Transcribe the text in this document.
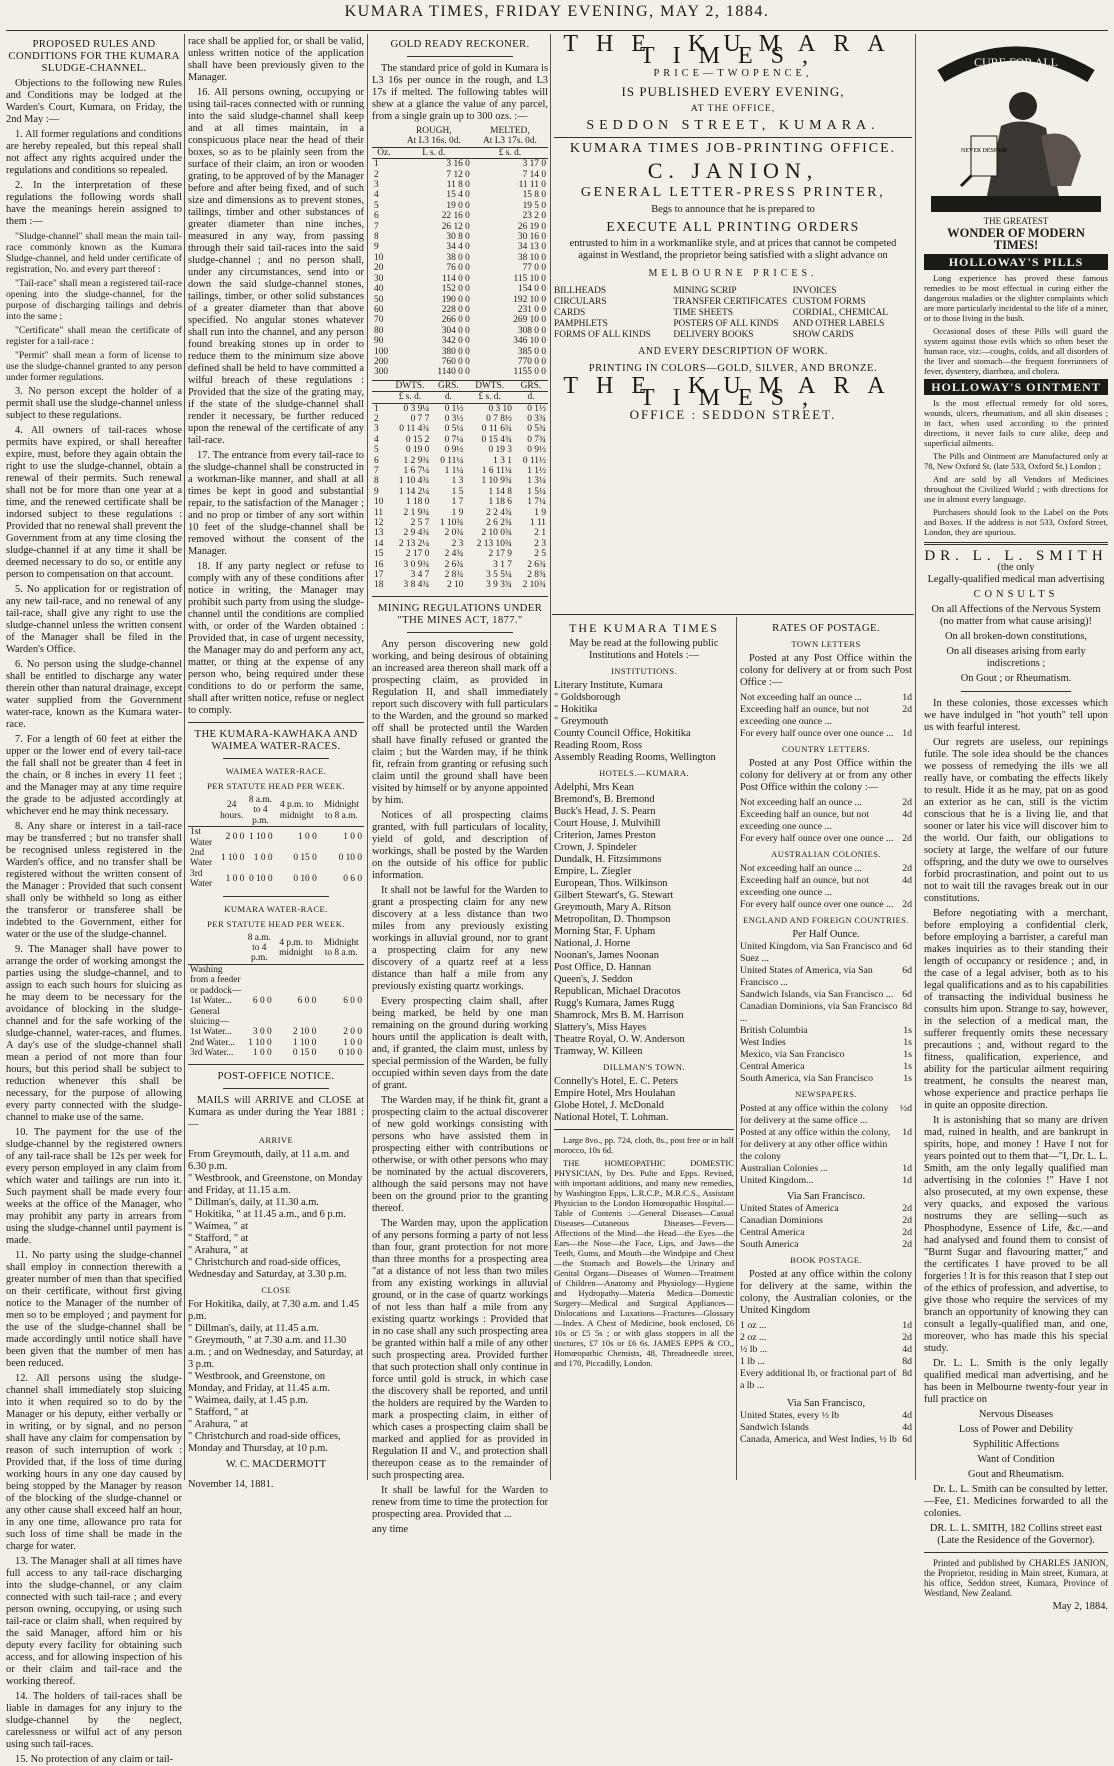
KUMARA TIMES, FRIDAY EVENING, MAY 2, 1884.
PROPOSED RULES AND CONDITIONS FOR THE KUMARA SLUDGE-CHANNEL.

Objections to the following new Rules and Conditions may be lodged at the Warden's Court, Kumara, on Friday, the 2nd May :—

1. All former regulations and conditions are hereby repealed, but this repeal shall not affect any rights acquired under the regulations and conditions so repealed.

2. In the interpretation of these regulations the following words shall have the meanings herein assigned to them :—

"Sludge-channel" shall mean the main tail-race commonly known as the Kumara Sludge-channel, and held under certificate of registration, No. and every part thereof :

"Tail-race" shall mean a registered tail-race opening into the sludge-channel, for the purpose of discharging tailings and debris into the same ;

"Certificate" shall mean the certificate of register for a tail-race :

"Permit" shall mean a form of license to use the sludge-channel granted to any person under former regulations.

3. No person except the holder of a permit shall use the sludge-channel unless subject to these regulations.

4. All owners of tail-races whose permits have expired, or shall hereafter expire, must, before they again obtain the right to use the sludge-channel, obtain a renewal of their permits. Such renewal shall not be for more than one year at a time, and the renewed certificate shall be indorsed subject to these regulations : Provided that no renewal shall prevent the Government from at any time closing the sludge-channel if at any time it shall be deemed necessary to do so, or entitle any person to compensation on that account.

5. No application for or registration of any new tail-race, and no renewal of any tail-race, shall give any right to use the sludge-channel unless the written consent of the Manager shall be filed in the Warden's Office.

6. No person using the sludge-channel shall be entitled to discharge any water therein other than natural drainage, except water supplied from the Government water-race, known as the Kumara water-race.

7. For a length of 60 feet at either the upper or the lower end of every tail-race the fall shall not be greater than 4 feet in the chain, or 8 inches in every 11 feet ; and the Manager may at any time require the grade to be adjusted accordingly at whichever end he may think necessary.

8. Any share or interest in a tail-race may be transferred ; but no transfer shall be recognised unless registered in the Warden's office, and no transfer shall be registered without the written consent of the Manager : Provided that such consent shall only be withheld so long as either the transferor or transferee shall be indebted to the Government, either for water or the use of the sludge-channel.

9. The Manager shall have power to arrange the order of working amongst the parties using the sludge-channel, and to assign to each such hours for sluicing as he may deem to be necessary for the avoidance of blocking in the sludge-channel and for the safe working of the sludge-channel, water-races, and flumes. A day's use of the sludge-channel shall mean a period of not more than four hours, but this period shall be subject to reduction whenever this shall be necessary, for the purpose of allowing every party connected with the sludge-channel to make use of the same.

10. The payment for the use of the sludge-channel by the registered owners of any tail-race shall be 12s per week for every person employed in any claim from which water and tailings are run into it. Such payment shall be made every four weeks at the office of the Manager, who may prohibit any party in arrears from using the sludge-channel until payment is made.

11. No party using the sludge-channel shall employ in connection therewith a greater number of men than that specified on their certificate, without first giving notice to the Manager of the number of men so to be employed ; and payment for the use of the sludge-channel shall be made accordingly until notice shall have been given that the number of men has been reduced.

12. All persons using the sludge-channel shall immediately stop sluicing into it when required so to do by the Manager or his deputy, either verbally or in writing, or by signal, and no person shall have any claim for compensation by reason of such interruption of work : Provided that, if the loss of time during working hours in any one day caused by being stopped by the Manager by reason of the blocking of the sludge-channel or any other cause shall exceed half an hour, in any one time, allowance pro rata for such loss of time shall be made in the charge for water.

13. The Manager shall at all times have full access to any tail-race discharging into the sludge-channel, or any claim connected with such tail-race ; and every person owning, occupying, or using such tail-race or claim shall, when required by the said Manager, afford him or his deputy every facility for obtaining such access, and for allowing inspection of his or their claim and tail-race and the working thereof.

14. The holders of tail-races shall be liable in damages for any injury to the sludge-channel by the neglect, carelessness or wilful act of any person using such tail-races.

15. No protection of any claim or tail-

race shall be applied for, or shall be valid, unless written notice of the application shall have been previously given to the Manager.

16. All persons owning, occupying or using tail-races connected with or running into the said sludge-channel shall keep and at all times maintain, in a conspicuous place near the head of their boxes, so as to be plainly seen from the surface of their claim, an iron or wooden grating, to be approved of by the Manager before and after being fixed, and of such size and dimensions as to prevent stones, tailings, timber and other substances of greater diameter than nine inches, measured in any way, from passing through their said tail-races into the said sludge-channel ; and no person shall, under any circumstances, send into or down the said sludge-channel stones, tailings, timber, or other solid substances of a greater diameter than that above specified. No angular stones whatever shall run into the channel, and any person found breaking stones up in order to reduce them to the minimum size above defined shall be held to have committed a wilful breach of these regulations : Provided that the size of the grating may, if the state of the sludge-channel shall render it necessary, be further reduced upon the renewal of the certificate of any tail-race.

17. The entrance from every tail-race to the sludge-channel shall be constructed in a workman-like manner, and shall at all times be kept in good and substantial repair, to the satisfaction of the Manager ; and no prop or timber of any sort within 10 feet of the sludge-channel shall be removed without the consent of the Manager.

18. If any party neglect or refuse to comply with any of these conditions after notice in writing, the Manager may prohibit such party from using the sludge-channel until the conditions are complied with, or order of the Warden obtained : Provided that, in case of urgent necessity, the Manager may do and perform any act, matter, or thing at the expense of any person who, being required under these conditions to do or perform the same, shall after written notice, refuse or neglect to comply.

THE KUMARA-KAWHAKA AND WAIMEA WATER-RACES.
WAIMEA WATER-RACE.
PER STATUTE HEAD PER WEEK.
	24 hours.	8 a.m. to 4 p.m.	4 p.m. to midnight	Midnight to 8 a.m.
1st Water	2 0 0	1 10 0	1 0 0	1 0 0
2nd Water	1 10 0	1 0 0	0 15 0	0 10 0
3rd Water	1 0 0	0 10 0	0 10 0	0 6 0
KUMARA WATER-RACE.
PER STATUTE HEAD PER WEEK.
	8 a.m. to 4 p.m.	4 p.m. to midnight	Midnight to 8 a.m.
Washing from a feeder or paddock—			
1st Water...	6 0 0	6 0 0	6 0 0
General sluicing—			
1st Water...	3 0 0	2 10 0	2 0 0
2nd Water...	1 10 0	1 10 0	1 0 0
3rd Water...	1 0 0	0 15 0	0 10 0
POST-OFFICE NOTICE.

MAILS will ARRIVE and CLOSE at Kumara as under during the Year 1881 :—

ARRIVE
From Greymouth, daily, at 11 a.m. and 6.30 p.m.
" Westbrook, and Greenstone, on Monday and Friday, at 11.15 a.m.
" Dillman's, daily, at 11.30 a.m.
" Hokitika, " at 11.45 a.m., and 6 p.m.
" Waimea, " at
" Stafford, " at
" Arahura, " at
" Christchurch and road-side offices, Wednesday and Saturday, at 3.30 p.m.
CLOSE
For Hokitika, daily, at 7.30 a.m. and 1.45 p.m.
" Dillman's, daily, at 11.45 a.m.
" Greymouth, " at 7.30 a.m. and 11.30 a.m. ; and on Wednesday, and Saturday, at 3 p.m.
" Westbrook, and Greenstone, on Monday, and Friday, at 11.45 a.m.
" Waimea, daily, at 1.45 p.m.
" Stafford, " at
" Arahura, " at
" Christchurch and road-side offices, Monday and Thursday, at 10 p.m.
W. C. MACDERMOTT
November 14, 1881.
GOLD READY RECKONER.

The standard price of gold in Kumara is L3 16s per ounce in the rough, and L3 17s if melted. The following tables will shew at a glance the value of any parcel, from a single grain up to 300 ozs. :—

	ROUGH,
At L3 16s. 0d.	MELTED,
At L3 17s. 0d.
Oz.	L s. d.	£ s. d.
1	3 16 0	3 17 0
2	7 12 0	7 14 0
3	11 8 0	11 11 0
4	15 4 0	15 8 0
5	19 0 0	19 5 0
6	22 16 0	23 2 0
7	26 12 0	26 19 0
8	30 8 0	30 16 0
9	34 4 0	34 13 0
10	38 0 0	38 10 0
20	76 0 0	77 0 0
30	114 0 0	115 10 0
40	152 0 0	154 0 0
50	190 0 0	192 10 0
60	228 0 0	231 0 0
70	266 0 0	269 10 0
80	304 0 0	308 0 0
90	342 0 0	346 10 0
100	380 0 0	385 0 0
200	760 0 0	770 0 0
300	1140 0 0	1155 0 0
	DWTS.	GRS.	DWTS.	GRS.
	£ s. d.	d.	£ s. d.	d.
1	0 3 9¼	0 1½	0 3 10	0 1½
2	0 7 7	0 3½	0 7 8½	0 3¾
3	0 11 4¾	0 5¼	0 11 6¾	0 5¾
4	0 15 2	0 7¼	0 15 4¾	0 7¾
5	0 19 0	0 9½	0 19 3	0 9½
6	1 2 9¾	0 11¼	1 3 1	0 11½
7	1 6 7¼	1 1¼	1 6 11¼	1 1½
8	1 10 4¾	1 3	1 10 9¾	1 3¼
9	1 14 2¼	1 5	1 14 8	1 5¼
10	1 18 0	1 7	1 18 6	1 7¼
11	2 1 9¾	1 9	2 2 4¾	1 9
12	2 5 7	1 10¾	2 6 2¾	1 11
13	2 9 4¾	2 0¾	2 10 0¾	2 1
14	2 13 2¼	2 3	2 13 10¾	2 3
15	2 17 0	2 4¾	2 17 9	2 5
16	3 0 9¾	2 6¾	3 1 7	2 6¾
17	3 4 7	2 8¾	3 5 5¼	2 8¾
18	3 8 4¾	2 10	3 9 3¾	2 10¾
MINING REGULATIONS UNDER "THE MINES ACT, 1877."

Any person discovering new gold working, and being desirous of obtaining an increased area thereon shall mark off a prospecting claim, as provided in Regulation II, and shall immediately report such discovery with full particulars to the Warden, and the ground so marked off shall be protected until the Warden shall have finally refused or granted the claim ; but the Warden may, if he think fit, refrain from granting or refusing such claim until the ground shall have been visited by himself or by anyone appointed by him.

Notices of all prospecting claims granted, with full particulars of locality, yield of gold, and description of workings, shall be posted by the Warden on the outside of his office for public information.

It shall not be lawful for the Warden to grant a prospecting claim for any new discovery at a less distance than two miles from any previously existing workings in alluvial ground, nor to grant a prospecting claim for any new discovery of a quartz reef at a less distance than half a mile from any previously existing quartz workings.

Every prospecting claim shall, after being marked, be held by one man remaining on the ground during working hours until the application is dealt with, and, if granted, the claim must, unless by special permission of the Warden, be fully occupied within seven days from the date of grant.

The Warden may, if he think fit, grant a prospecting claim to the actual discoverer of new gold workings consisting with persons who have assisted them in prospecting either with contributions or otherwise, or with other persons who may be nominated by the actual discoverers, although the said persons may not have been on the ground prior to the granting thereof.

The Warden may, upon the application of any persons forming a party of not less than four, grant protection for not more than three months for a prospecting area "at a distance of not less than two miles from any existing workings in alluvial ground, or in the case of quartz workings of not less than half a mile from any existing quartz workings : Provided that in no case shall any such prospecting area be granted within half a mile of any other such prospecting area. Provided further that such protection shall only continue in force until gold is struck, in which case the discovery shall be reported, and until the holders are required by the Warden to mark a prospecting claim, in either of which cases a prospecting claim shall be marked and applied for as provided in Regulation II and V., and protection shall thereupon cease as to the remainder of such prospecting area.

It shall be lawful for the Warden to renew from time to time the protection for prospecting area. Provided that ...

any time
THE KUMARA TIMES,
PRICE—TWOPENCE,
IS PUBLISHED EVERY EVENING,
AT THE OFFICE,
SEDDON STREET, KUMARA.
KUMARA TIMES JOB-PRINTING OFFICE.
C. JANION,
GENERAL LETTER-PRESS PRINTER,
Begs to announce that he is prepared to
EXECUTE ALL PRINTING ORDERS

entrusted to him in a workmanlike style, and at prices that cannot be competed against in Westland, the proprietor being satisfied with a slight advance on

MELBOURNE PRICES.
BILLHEADS
CIRCULARS
CARDS
PAMPHLETS
FORMS OF ALL KINDS
MINING SCRIP
TRANSFER CERTIFICATES
TIME SHEETS
POSTERS OF ALL KINDS
DELIVERY BOOKS
INVOICES
CUSTOM FORMS
CORDIAL, CHEMICAL
AND OTHER LABELS
SHOW CARDS
AND EVERY DESCRIPTION OF WORK.
PRINTING IN COLORS—GOLD, SILVER, AND BRONZE.
THE KUMARA TIMES,
OFFICE : SEDDON STREET.
THE KUMARA TIMES
May be read at the following public Institutions and Hotels :—
INSTITUTIONS.
Literary Institute, Kumara
" Goldsborough
" Hokitika
" Greymouth
County Council Office, Hokitika
Reading Room, Ross
Assembly Reading Rooms, Wellington
HOTELS.—KUMARA.
Adelphi, Mrs Kean
Bremond's, B. Bremond
Buck's Head, J. S. Pearn
Court House, J. Mulvihill
Criterion, James Preston
Crown, J. Spindeler
Dundalk, H. Fitzsimmons
Empire, L. Ziegler
European, Thos. Wilkinson
Gilbert Stewart's, G. Stewart
Greymouth, Mary A. Ritson
Metropolitan, D. Thompson
Morning Star, F. Upham
National, J. Horne
Noonan's, James Noonan
Post Office, D. Hannan
Queen's, J. Seddon
Republican, Michael Dracotos
Rugg's Kumara, James Rugg
Shamrock, Mrs B. M. Harrison
Slattery's, Miss Hayes
Theatre Royal, O. W. Anderson
Tramway, W. Killeen
DILLMAN'S TOWN.
Connelly's Hotel, E. C. Peters
Empire Hotel, Mrs Houlahan
Globe Hotel, J. McDonald
National Hotel, T. Lohman.

Large 8vo., pp. 724, cloth, 8s., post free or in half morocco, 10s 6d.

THE HOMEOPATHIC DOMESTIC PHYSICIAN, by Drs. Pulte and Epps. Revised, with important additions, and many new remedies, by Washington Epps, L.R.C.P., M.R.C.S., Assistant Physician to the London Homœopathic Hospital.—Table of Contents :—General Diseases—Casual Diseases—Cutaneous Diseases—Fevers—Affections of the Mind—the Head—the Eyes—the Ears—the Nose—the Face, Lips, and Jaws—the Teeth, Gums, and Mouth—the Windpipe and Chest—the Stomach and Bowels—the Urinary and Genital Organs—Diseases of Women—Treatment of Children—Anatomy and Physiology—Hygiene and Hydropathy—Materia Medica—Domestic Surgery—Medical and Surgical Appliances—Dislocations and Luxations—Fractures—Glossary—Index. A Chest of Medicine, book enclosed, £6 10s or £5 5s ; or with glass stoppers in all the tinctures, £7 10s or £6 6s. JAMES EPPS & CO., Homœopathic Chemists, 48, Threadneedle street, and 170, Piccadilly, London.

RATES OF POSTAGE.
TOWN LETTERS

Posted at any Post Office within the colony for delivery at or from such Post Office :—

Not exceeding half an ounce ...	1d
Exceeding half an ounce, but not exceeding one ounce ...
2d
For every half ounce over one ounce ... 1d
COUNTRY LETTERS.

Posted at any Post Office within the colony for delivery at or from any other Post Office within the colony :—

Not exceeding half an ounce ...	2d
Exceeding half an ounce, but not exceeding one ounce ...
4d
For every half ounce over one ounce ... 2d
AUSTRALIAN COLONIES.
Not exceeding half an ounce ...	2d
Exceeding half an ounce, but not exceeding one ounce ...
4d
For every half ounce over one ounce ... 2d
ENGLAND AND FOREIGN COUNTRIES.
Per Half Ounce.
United Kingdom, via San Francisco and Suez ...
6d
United States of America, via San Francisco ...
6d
Sandwich Islands, via San Francisco ... 6d
Canadian Dominions, via San Francisco ...
8d
British Columbia	1s
West Indies	1s
Mexico, via San Francisco	1s
Central America	1s
South America, via San Francisco	1s
NEWSPAPERS.
Posted at any office within the colony for delivery at the same office ...
½d
Posted at any office within the colony, for delivery at any other office within the colony
1d
Australian Colonies ...	1d
United Kingdom...	1d
Via San Francisco.
United States of America	2d
Canadian Dominions	2d
Central America	2d
South America	2d
BOOK POSTAGE.

Posted at any office within the colony for delivery at the same, within the colony, the Australian colonies, or the United Kingdom

1 oz ...	1d
2 oz ...	2d
½ lb ...	4d
1 lb ...	8d
Every additional lb, or fractional part of a lb ...
8d
Via San Francisco,
United States, every ½ lb	4d
Sandwich Islands	4d
Canada, America, and West Indies, ½ lb 6d
CURE FOR ALL
NEVER DESPAIR
THE GREATEST
WONDER OF MODERN TIMES!
HOLLOWAY'S PILLS

Long experience has proved these famous remedies to be most effectual in curing either the dangerous maladies or the slighter complaints which are more particularly incidental to the life of a miner, or to those living in the bush.

Occasional doses of these Pills will guard the system against those evils which so often beset the human race, viz:—coughs, colds, and all disorders of the liver and stomach—the frequent forerunners of fever, dysentery, diarrhœa, and cholera.

HOLLOWAY'S OINTMENT

Is the most effectual remedy for old sores, wounds, ulcers, rheumatism, and all skin diseases ; in fact, when used according to the printed directions, it never fails to cure alike, deep and superficial ailments.

The Pills and Ointment are Manufactured only at 78, New Oxford St. (late 533, Oxford St.) London ;

And are sold by all Vendors of Medicines throughout the Civilized World ; with directions for use in almost every language.

Purchasers should look to the Label on the Pots and Boxes. If the address is not 533, Oxford Street, London, they are spurious.

DR. L. L. SMITH
(the only
Legally-qualified medical man advertising
CONSULTS

On all Affections of the Nervous System (no matter from what cause arising)!

On all broken-down constitutions,

On all diseases arising from early indiscretions ;

On Gout ; or Rheumatism.

In these colonies, those excesses which we have indulged in "hot youth" tell upon us with fearful interest.

Our regrets are useless, our repinings futile. The sole idea should be the chances we possess of remedying the ills we all really have, or combating the effects likely to result. Hide it as he may, pat on as good an exterior as he can, still is the victim conscious that he is a living lie, and that sooner or later his vice will discover him to the world. Our faith, our obligations to society at large, the welfare of our future offspring, and the duty we owe to ourselves forbid procrastination, and point out to us not to wait till the ravages break out in our constitutions.

Before negotiating with a merchant, before employing a confidential clerk, before employing a barrister, a careful man makes inquiries as to their standing their length of occupancy or residence ; and, in the case of a legal adviser, both as to his legal qualifications and as to his capabilities of transacting the individual business he consults him upon. Strange to say, however, in the selection of a medical man, the sufferer frequently omits these necessary precautions ; and, without regard to the fitness, qualification, experience, and ability for the particular ailment requiring treatment, he consults the nearest man, whose experience and practice perhaps lie in quite an opposite direction.

It is astonishing that so many are driven mad, ruined in health, and are bankrupt in spirits, hope, and money ! Have I not for years pointed out to them that—"I, Dr. L. L. Smith, am the only legally qualified man advertising in the colonies !" Have I not also prosecuted, at my own expense, these very quacks, and exposed the various nostrums they are selling—such as Phosphodyne, Essence of Life, &c.—and had analysed and found them to consist of "Burnt Sugar and flavouring matter," and the certificates I have proved to be all forgeries ! It is for this reason that I step out of the ethics of profession, and advertise, to give those who require the services of my branch an opportunity of knowing they can consult a legally-qualified man, and one, moreover, who has made this his special study.

Dr. L. L. Smith is the only legally qualified medical man advertising, and he has been in Melbourne twenty-four year in full practice on

Nervous Diseases

Loss of Power and Debility

Syphilitic Affections

Want of Condition

Gout and Rheumatism.

Dr. L. L. Smith can be consulted by letter.—Fee, £1. Medicines forwarded to all the colonies.

DR. L. L. SMITH, 182 Collins street east (Late the Residence of the Governor).

Printed and published by CHARLES JANION, the Proprietor, residing in Main street, Kumara, at his office, Seddon street, Kumara, Province of Westland, New Zealand.

May 2, 1884.
